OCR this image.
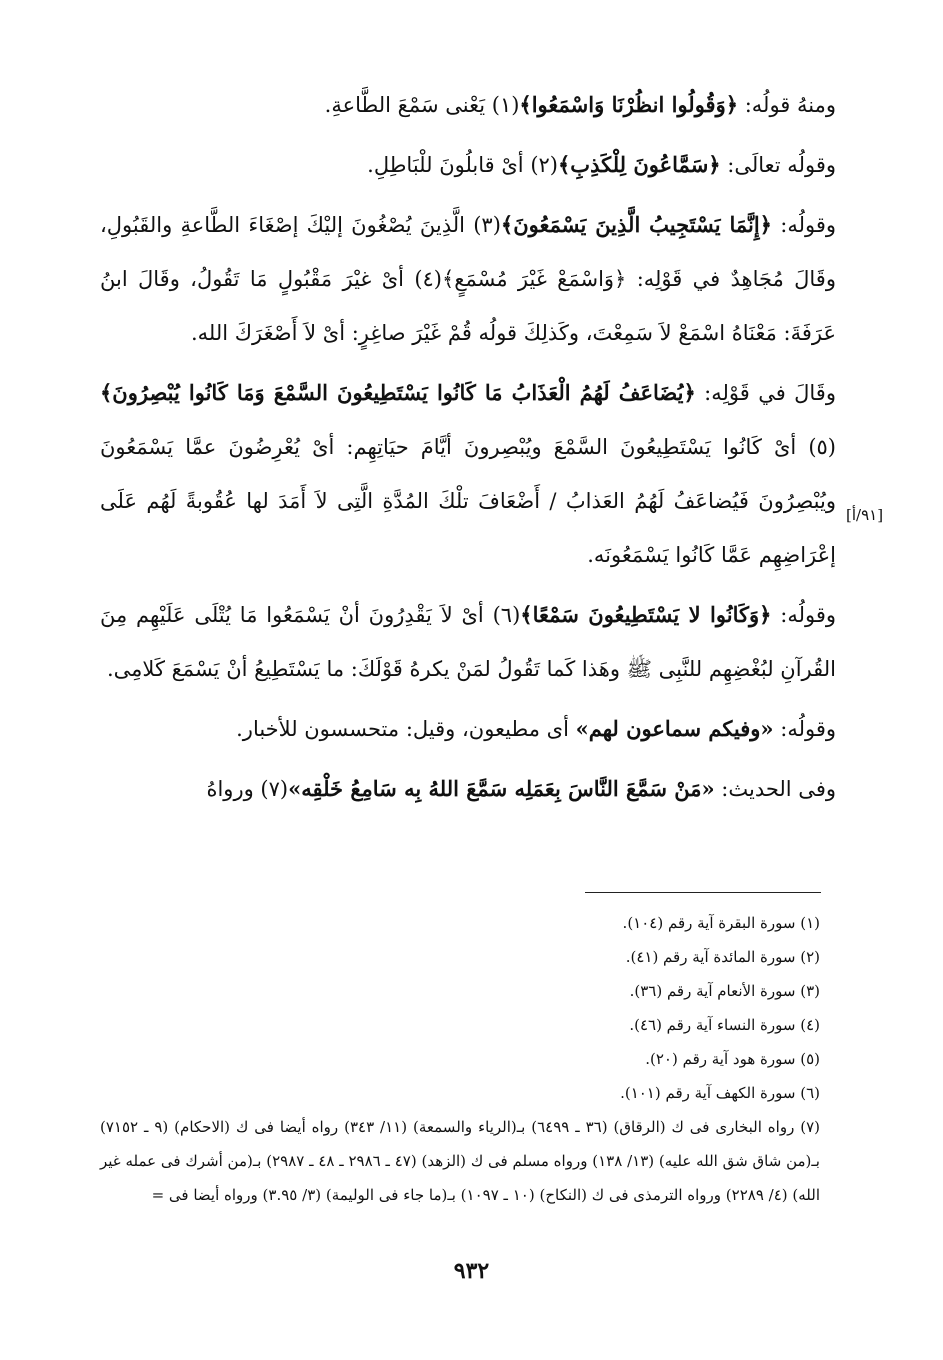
ومنهُ قولُه: ﴿وَقُولُوا انظُرْنَا وَاسْمَعُوا﴾(١) يَعْنى سَمْعَ الطَّاعةِ.

وقولُه تعالَى: ﴿سَمَّاعُونَ لِلْكَذِبِ﴾(٢) أىْ قابلُونَ للْبَاطِلِ.

وقولُه: ﴿إِنَّمَا يَسْتَجِيبُ الَّذِينَ يَسْمَعُونَ﴾(٣) الَّذِينَ يُصْغُونَ إليْكَ إصْغَاءَ الطَّاعةِ والقَبُولِ، وقَالَ مُجَاهِدٌ في قَوْلِه: ﴿وَاسْمَعْ غَيْرَ مُسْمَعٍ﴾(٤) أىْ غيْرَ مَقْبُولٍ مَا تَقُولُ، وقَالَ ابنُ عَرَفَةَ: مَعْنَاهُ اسْمَعْ لاَ سَمِعْتَ، وكَذلِكَ قولُه قُمْ غَيْرَ صاغِرٍ: أىْ لاَ أَصْغَرَكَ الله.

وقَالَ في قَوْلِه: ﴿يُضَاعَفُ لَهُمُ الْعَذَابُ مَا كَانُوا يَسْتَطِيعُونَ السَّمْعَ وَمَا كَانُوا يُبْصِرُونَ﴾(٥) أىْ كَانُوا يَسْتَطِيعُونَ السَّمْعَ ويُبْصِرونَ أيَّامَ حيَاتِهِم: أىْ يُعْرِضُونَ عمَّا يَسْمَعُونَ ويُبْصِرُونَ فَيُضاعَفُ لَهُمُ العَذابُ / أَضْعَافَ تلْكَ المُدَّةِ الَّتِى لاَ أَمَدَ لها عُقُوبةً لَهُم عَلَى إعْرَاضِهِم عَمَّا كَانُوا يَسْمَعُونَه.

وقولُه: ﴿وَكَانُوا لا يَسْتَطِيعُونَ سَمْعًا﴾(٦) أىْ لاَ يَقْدِرُونَ أنْ يَسْمَعُوا مَا يُتْلَى عَلَيْهِم مِنَ القُرآنِ لبُغْضِهِم للنَّبِى ﷺ وهَذا كَما تَقُولُ لمَنْ يكرهُ قَوْلَكَ: ما يَسْتَطِيعُ أنْ يَسْمَعَ كَلامِى.

وقولُه: «وفيكم سماعون لهم» أى مطيعون، وقيل: متحسسون للأخبار.

وفى الحديث: «مَنْ سَمَّعَ النَّاسَ بِعَمَلِه سَمَّعَ اللهُ بِه سَامِعُ خَلْقِه»(٧) ورواهُ

[٩١/أ]
(١) سورة البقرة آية رقم (١٠٤).
(٢) سورة المائدة آية رقم (٤١).
(٣) سورة الأنعام آية رقم (٣٦).
(٤) سورة النساء آية رقم (٤٦).
(٥) سورة هود آية رقم (٢٠).
(٦) سورة الكهف آية رقم (١٠١).
(٧) رواه البخارى فى ك (الرقاق) (٣٦ ـ ٦٤٩٩) بـ(الرياء والسمعة) (١١/ ٣٤٣) رواه أيضا فى ك (الاحكام) (٩ ـ ٧١٥٢) بـ(من شاق شق الله عليه) (١٣/ ١٣٨) ورواه مسلم فى ك (الزهد) (٤٧ ـ ٢٩٨٦ ـ ٤٨ ـ ٢٩٨٧) بـ(من أشرك فى عمله غير الله) (٤/ ٢٢٨٩) ورواه الترمذى فى ك (النكاح) (١٠ ـ ١٠٩٧) بـ(ما جاء فى الوليمة) (٣/ ٣.٩٥) ورواه أيضا فى =
٩٣٢
